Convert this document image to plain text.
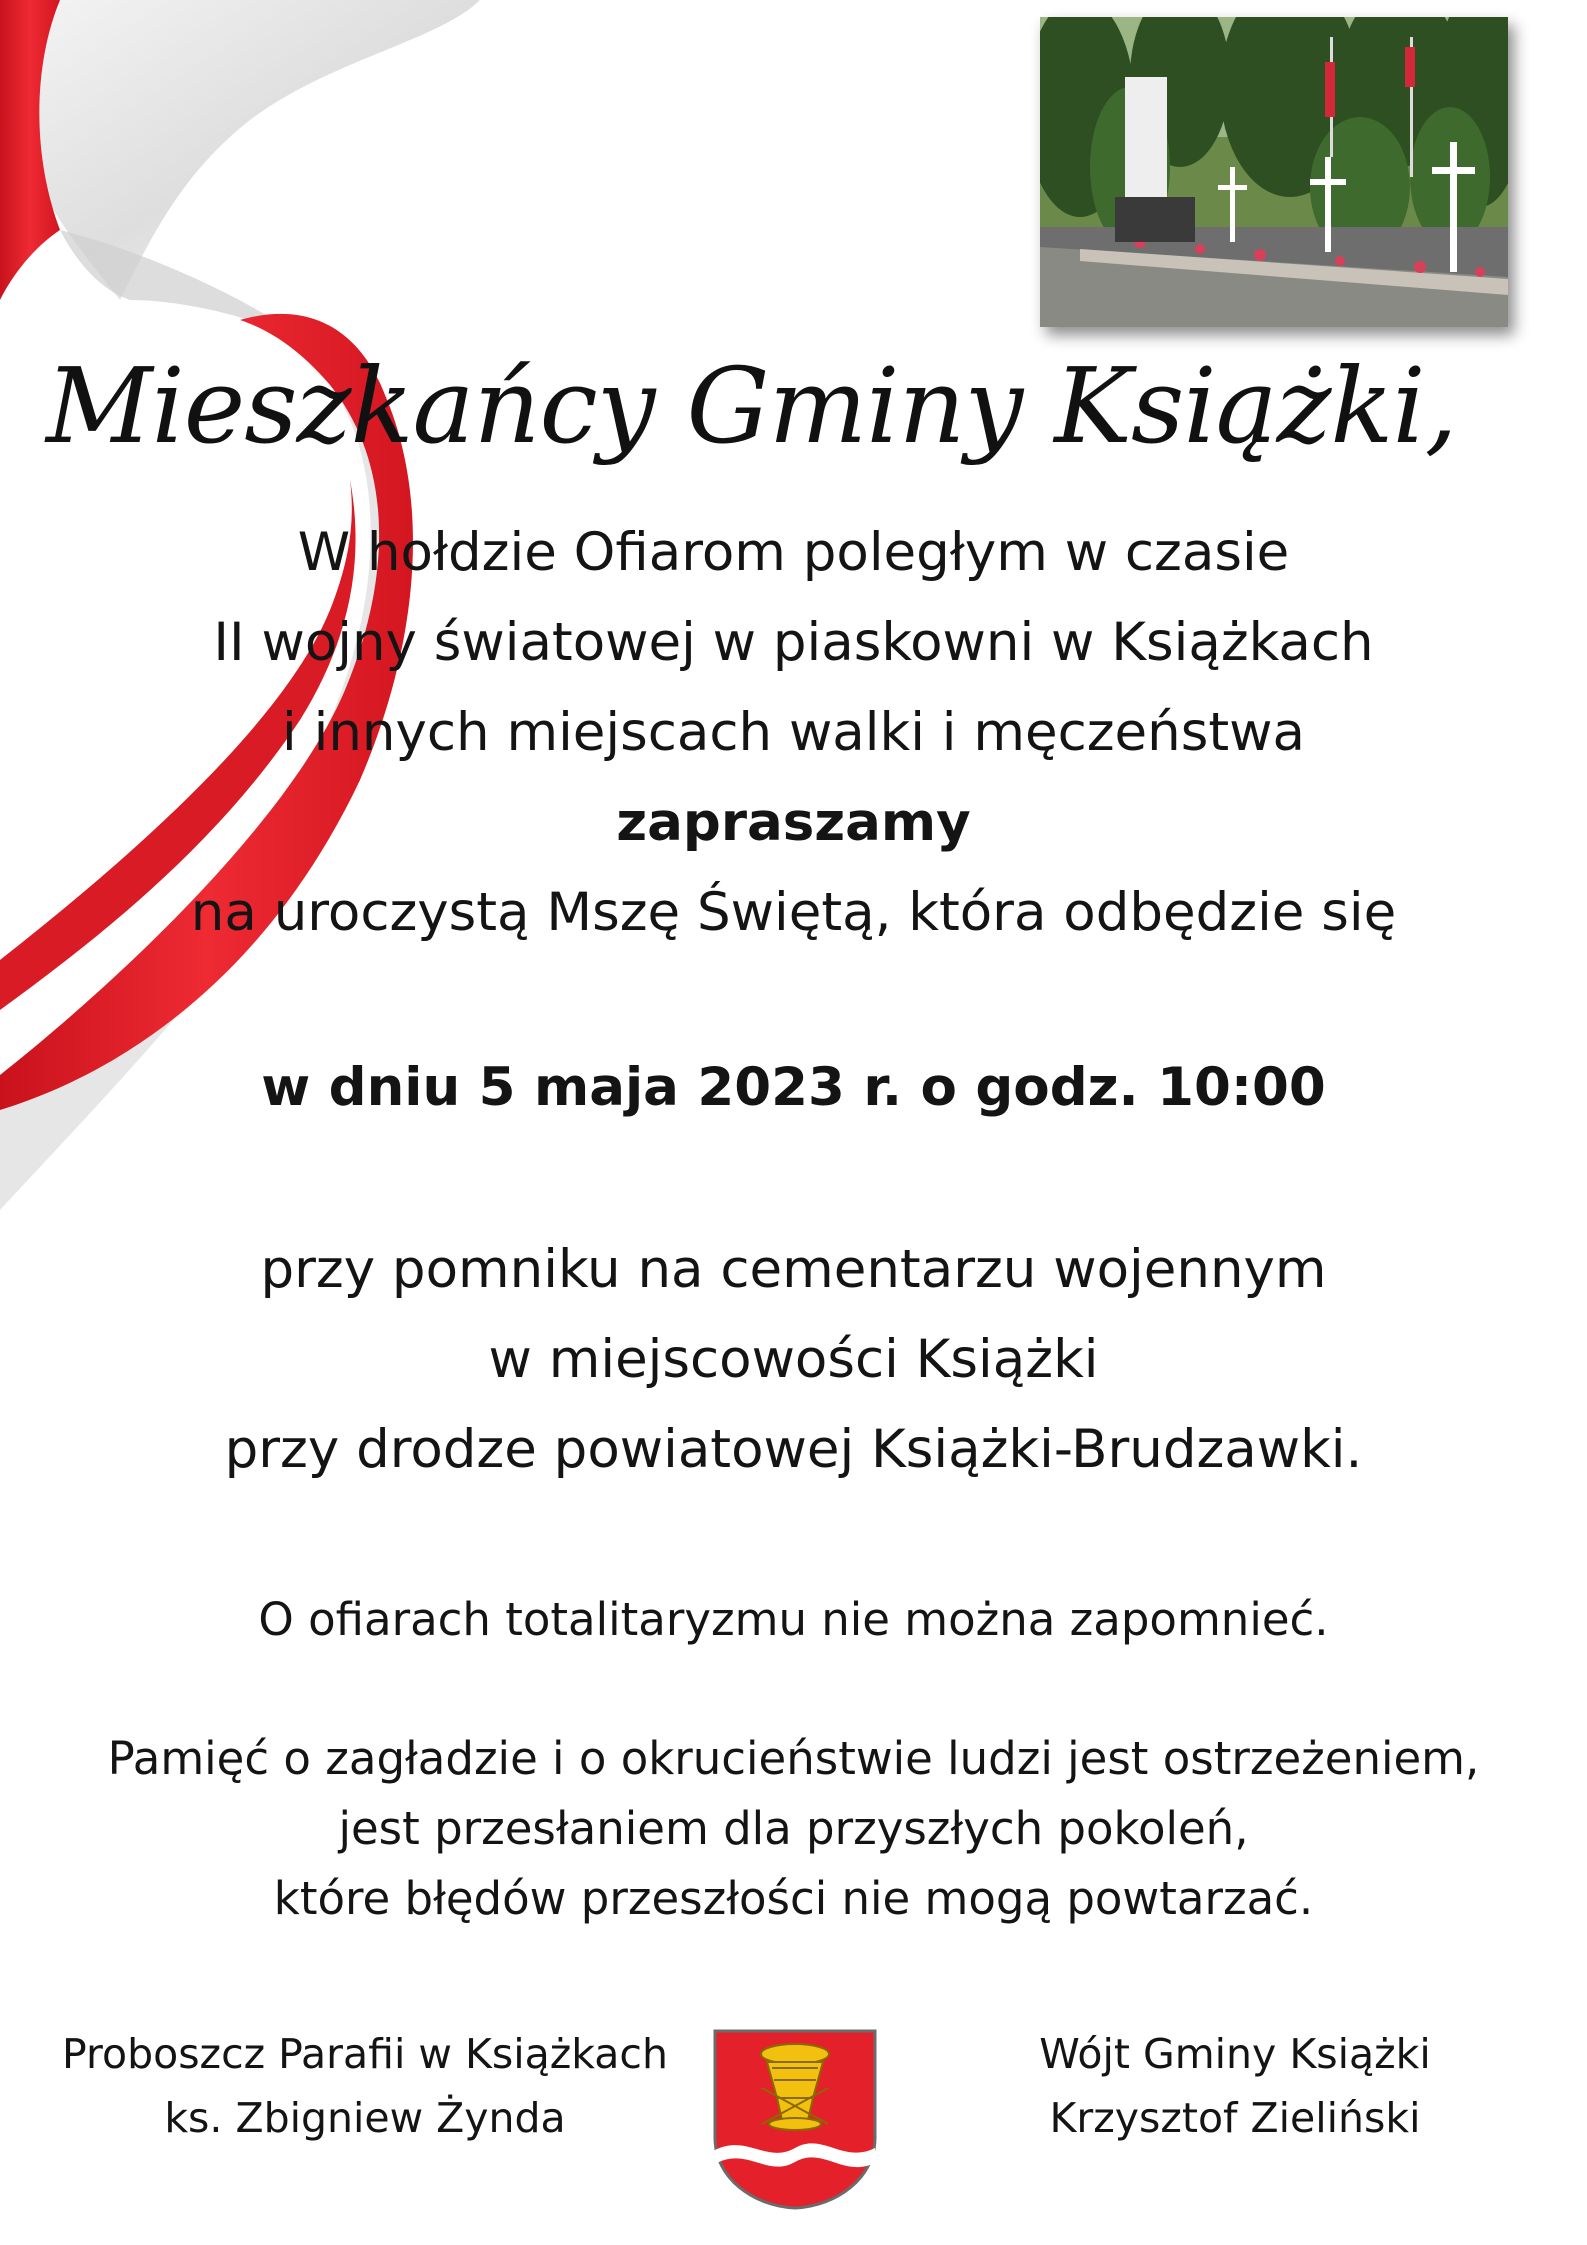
Mieszkańcy Gminy Książki,
W hołdzie Ofiarom poległym w czasie
II wojny światowej w piaskowni w Książkach
i innych miejscach walki i męczeństwa
zapraszamy
na uroczystą Mszę Świętą, która odbędzie się
w dniu 5 maja 2023 r. o godz. 10:00
przy pomniku na cementarzu wojennym
w miejscowości Książki
przy drodze powiatowej Książki-Brudzawki.
O ofiarach totalitaryzmu nie można zapomnieć.
Pamięć o zagładzie i o okrucieństwie ludzi jest ostrzeżeniem,
jest przesłaniem dla przyszłych pokoleń,
które błędów przeszłości nie mogą powtarzać.
Proboszcz Parafii w Książkach
ks. Zbigniew Żynda
Wójt Gminy Książki
Krzysztof Zieliński
